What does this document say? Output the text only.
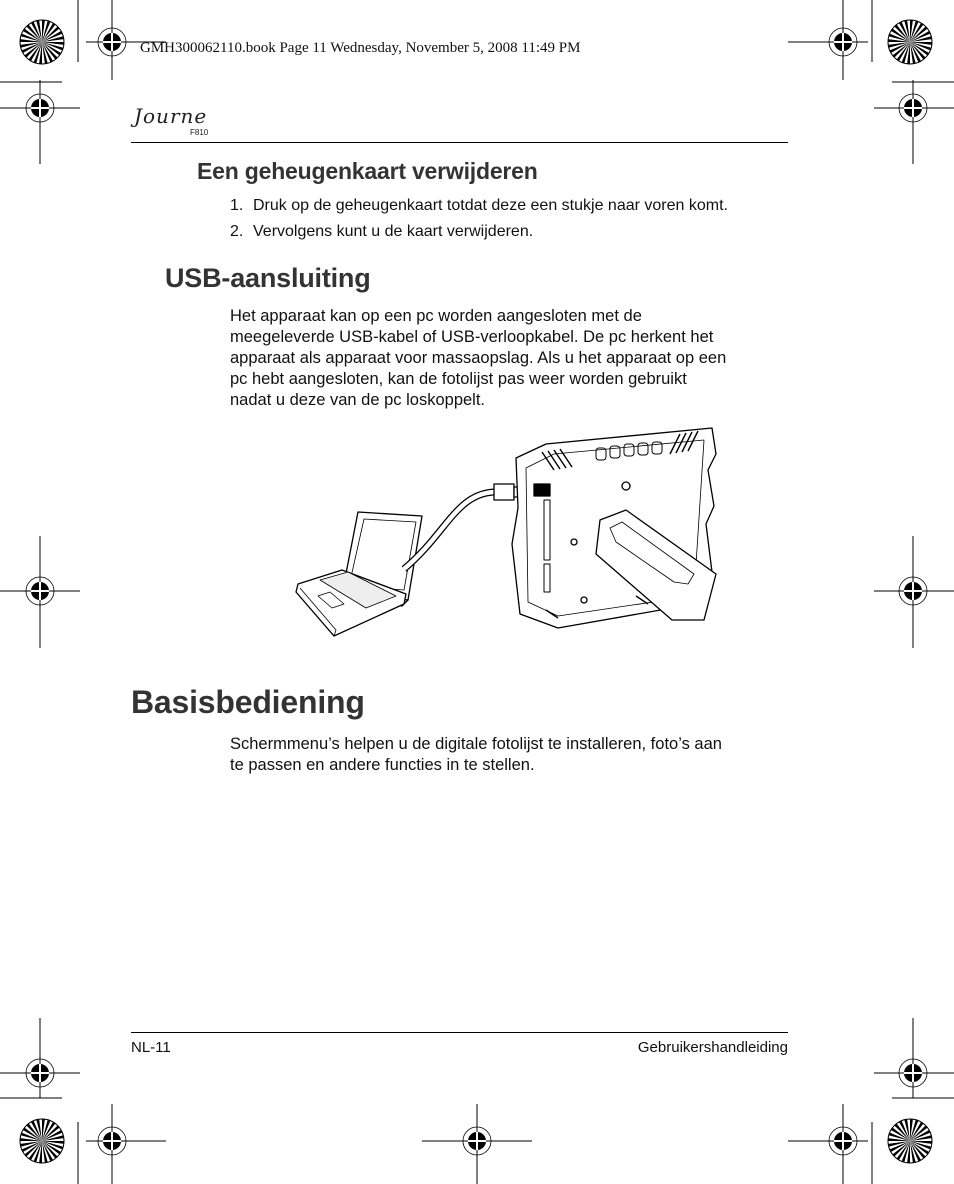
GMH300062110.book Page 11 Wednesday, November 5, 2008 11:49 PM
Journe
F810
Een geheugenkaart verwijderen
1. Druk op de geheugenkaart totdat deze een stukje naar voren komt.
2. Vervolgens kunt u de kaart verwijderen.
USB-aansluiting
Het apparaat kan op een pc worden aangesloten met de
meegeleverde USB-kabel of USB-verloopkabel. De pc herkent het
apparaat als apparaat voor massaopslag. Als u het apparaat op een
pc hebt aangesloten, kan de fotolijst pas weer worden gebruikt
nadat u deze van de pc loskoppelt.
Basisbediening
Schermmenu’s helpen u de digitale fotolijst te installeren, foto’s aan
te passen en andere functies in te stellen.
NL-11	Gebruikershandleiding
